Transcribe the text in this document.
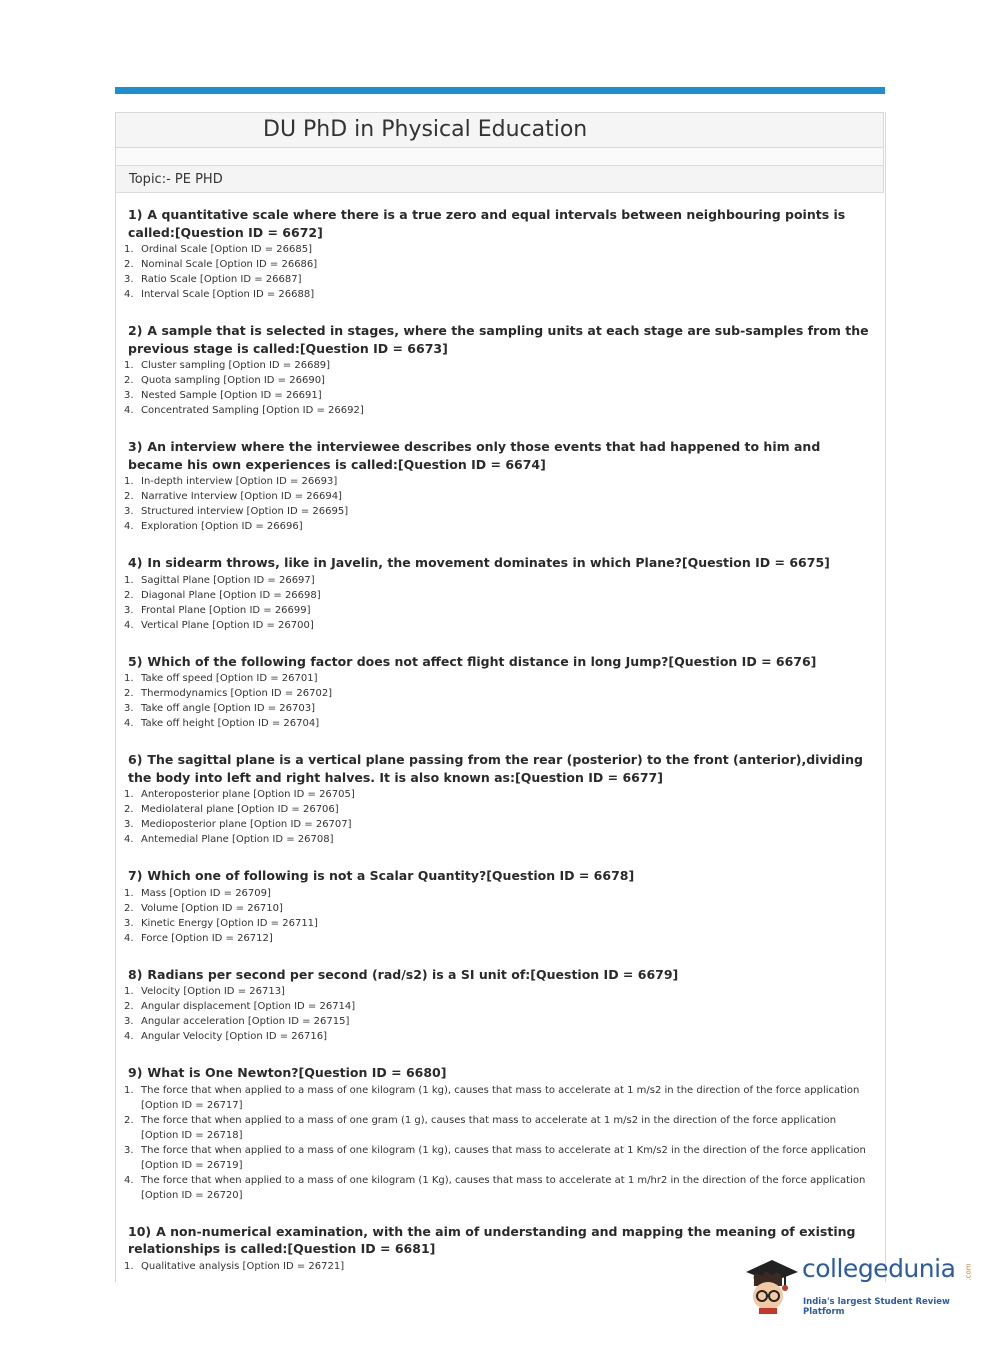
DU PhD in Physical Education
Topic:- PE PHD
1) A quantitative scale where there is a true zero and equal intervals between neighbouring points is called:[Question ID = 6672]
1. Ordinal Scale [Option ID = 26685]
2. Nominal Scale [Option ID = 26686]
3. Ratio Scale [Option ID = 26687]
4. Interval Scale [Option ID = 26688]
2) A sample that is selected in stages, where the sampling units at each stage are sub-samples from the previous stage is called:[Question ID = 6673]
1. Cluster sampling [Option ID = 26689]
2. Quota sampling [Option ID = 26690]
3. Nested Sample [Option ID = 26691]
4. Concentrated Sampling [Option ID = 26692]
3) An interview where the interviewee describes only those events that had happened to him and became his own experiences is called:[Question ID = 6674]
1. In-depth interview [Option ID = 26693]
2. Narrative Interview [Option ID = 26694]
3. Structured interview [Option ID = 26695]
4. Exploration [Option ID = 26696]
4) In sidearm throws, like in Javelin, the movement dominates in which Plane?[Question ID = 6675]
1. Sagittal Plane [Option ID = 26697]
2. Diagonal Plane [Option ID = 26698]
3. Frontal Plane [Option ID = 26699]
4. Vertical Plane [Option ID = 26700]
5) Which of the following factor does not affect flight distance in long Jump?[Question ID = 6676]
1. Take off speed [Option ID = 26701]
2. Thermodynamics [Option ID = 26702]
3. Take off angle [Option ID = 26703]
4. Take off height [Option ID = 26704]
6) The sagittal plane is a vertical plane passing from the rear (posterior) to the front (anterior),dividing the body into left and right halves. It is also known as:[Question ID = 6677]
1. Anteroposterior plane [Option ID = 26705]
2. Mediolateral plane [Option ID = 26706]
3. Medioposterior plane [Option ID = 26707]
4. Antemedial Plane [Option ID = 26708]
7) Which one of following is not a Scalar Quantity?[Question ID = 6678]
1. Mass [Option ID = 26709]
2. Volume [Option ID = 26710]
3. Kinetic Energy [Option ID = 26711]
4. Force [Option ID = 26712]
8) Radians per second per second (rad/s2) is a SI unit of:[Question ID = 6679]
1. Velocity [Option ID = 26713]
2. Angular displacement [Option ID = 26714]
3. Angular acceleration [Option ID = 26715]
4. Angular Velocity [Option ID = 26716]
9) What is One Newton?[Question ID = 6680]
1. The force that when applied to a mass of one kilogram (1 kg), causes that mass to accelerate at 1 m/s2 in the direction of the force application [Option ID = 26717]
2. The force that when applied to a mass of one gram (1 g), causes that mass to accelerate at 1 m/s2 in the direction of the force application [Option ID = 26718]
3. The force that when applied to a mass of one kilogram (1 kg), causes that mass to accelerate at 1 Km/s2 in the direction of the force application [Option ID = 26719]
4. The force that when applied to a mass of one kilogram (1 Kg), causes that mass to accelerate at 1 m/hr2 in the direction of the force application [Option ID = 26720]
10) A non-numerical examination, with the aim of understanding and mapping the meaning of existing relationships is called:[Question ID = 6681]
1. Qualitative analysis [Option ID = 26721]	collegedunia .com
India's largest Student Review Platform
